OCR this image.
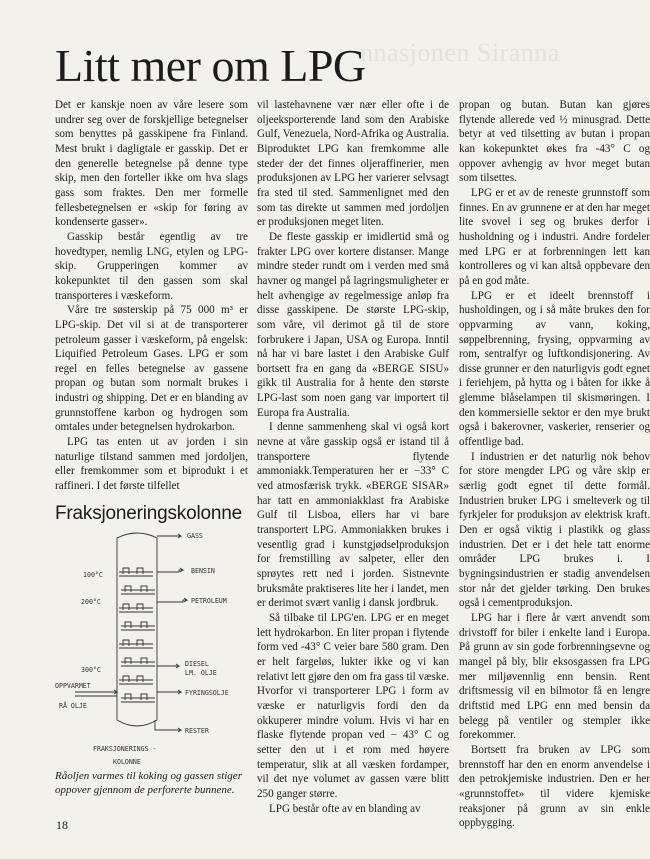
nnasjonen Siranna
Litt mer om LPG

Det er kanskje noen av våre lesere som undrer seg over de forskjellige betegnelser som benyttes på gasskipene fra Finland. Mest brukt i dagligtale er gasskip. Det er den generelle betegnelse på denne type skip, men den forteller ikke om hva slags gass som fraktes. Den mer formelle fellesbetegnelsen er «skip for føring av kondenserte gasser».

Gasskip består egentlig av tre hovedtyper, nemlig LNG, etylen og LPG-skip. Grupperingen kommer av kokepunktet til den gassen som skal transporteres i væskeform.

Våre tre søsterskip på 75 000 m³ er LPG-skip. Det vil si at de transporterer petroleum gasser i væskeform, på engelsk: Liquified Petroleum Gases. LPG er som regel en felles betegnelse av gassene propan og butan som normalt brukes i industri og shipping. Det er en blanding av grunnstoffene karbon og hydrogen som omtales under betegnelsen hydrokarbon.

LPG tas enten ut av jorden i sin naturlige tilstand sammen med jordoljen, eller fremkommer som et biprodukt i et raffineri. I det første tilfellet

vil lastehavnene vær nær eller ofte i de oljeeksporterende land som den Arabiske Gulf, Venezuela, Nord-Afrika og Australia. Biproduktet LPG kan fremkomme alle steder der det finnes oljeraffinerier, men produksjonen av LPG her varierer selvsagt fra sted til sted. Sammenlignet med den som tas direkte ut sammen med jordoljen er produksjonen meget liten.

De fleste gasskip er imidlertid små og frakter LPG over kortere distanser. Mange mindre steder rundt om i verden med små havner og mangel på lagringsmuligheter er helt avhengige av regelmessige anløp fra disse gasskipene. De største LPG-skip, som våre, vil derimot gå til de store forbrukere i Japan, USA og Europa. Inntil nå har vi bare lastet i den Arabiske Gulf bortsett fra en gang da «BERGE SISU» gikk til Australia for å hente den største LPG-last som noen gang var importert til Europa fra Australia.

I denne sammenheng skal vi også kort nevne at våre gasskip også er istand til å transportere flytende ammoniakk.Temperaturen her er −33° C ved atmosfærisk trykk. «BERGE SISAR» har tatt en ammoniakklast fra Arabiske Gulf til Lisboa, ellers har vi bare transportert LPG. Ammoniakken brukes i vesentlig grad i kunstgjødselproduksjon for fremstilling av salpeter, eller den sprøytes rett ned i jorden. Sistnevnte bruksmåte praktiseres lite her i landet, men er derimot svært vanlig i dansk jordbruk.

Så tilbake til LPG'en. LPG er en meget lett hydrokarbon. En liter propan i flytende form ved -43° C veier bare 580 gram. Den er helt fargeløs, lukter ikke og vi kan relativt lett gjøre den om fra gass til væske. Hvorfor vi transporterer LPG i form av væske er naturligvis fordi den da okkuperer mindre volum. Hvis vi har en flaske flytende propan ved − 43° C og setter den ut i et rom med høyere temperatur, slik at all væsken fordamper, vil det nye volumet av gassen være blitt 250 ganger større.

LPG består ofte av en blanding av

propan og butan. Butan kan gjøres flytende allerede ved ½ minusgrad. Dette betyr at ved tilsetting av butan i propan kan kokepunktet økes fra -43° C og oppover avhengig av hvor meget butan som tilsettes.

LPG er et av de reneste grunnstoff som finnes. En av grunnene er at den har meget lite svovel i seg og brukes derfor i husholdning og i industri. Andre fordeler med LPG er at forbrenningen lett kan kontrolleres og vi kan altså oppbevare den på en god måte.

LPG er et ideelt brennstoff i husholdingen, og i så måte brukes den for oppvarming av vann, koking, søppelbrenning, frysing, oppvarming av rom, sentralfyr og luftkondisjonering. Av disse grunner er den naturligvis godt egnet i feriehjem, på hytta og i båten for ikke å glemme blåselampen til skismøringen. I den kommersielle sektor er den mye brukt også i bakerovner, vaskerier, renserier og offentlige bad.

I industrien er det naturlig nok behov for store mengder LPG og våre skip er særlig godt egnet til dette formål. Industrien bruker LPG i smelteverk og til fyrkjeler for produksjon av elektrisk kraft. Den er også viktig i plastikk og glass industrien. Det er i det hele tatt enorme områder LPG brukes i. I bygningsindustrien er stadig anvendelsen stor når det gjelder tørking. Den brukes også i cementproduksjon.

LPG har i flere år vært anvendt som drivstoff for biler i enkelte land i Europa. På grunn av sin gode forbrenningsevne og mangel på bly, blir eksosgassen fra LPG mer miljøvennlig enn bensin. Rent driftsmessig vil en bilmotor få en lengre driftstid med LPG enn med bensin da belegg på ventiler og stempler ikke forekommer.

Bortsett fra bruken av LPG som brennstoff har den en enorm anvendelse i den petrokjemiske industrien. Den er her «grunnstoffet» til videre kjemiske reaksjoner på grunn av sin enkle oppbygging.

Fraksjoneringskolonne
GASS
100°C	BENSIN
200°C	PETROLEUM
300°C
DIESEL
LM. OLJE
OPPVARMET
RÅ OLJE
FYRINGSOLJE
RESTER
FRAKSJONERINGS -
KOLONNE

Råoljen varmes til koking og gassen stiger oppover gjennom de perforerte bunnene.

18
